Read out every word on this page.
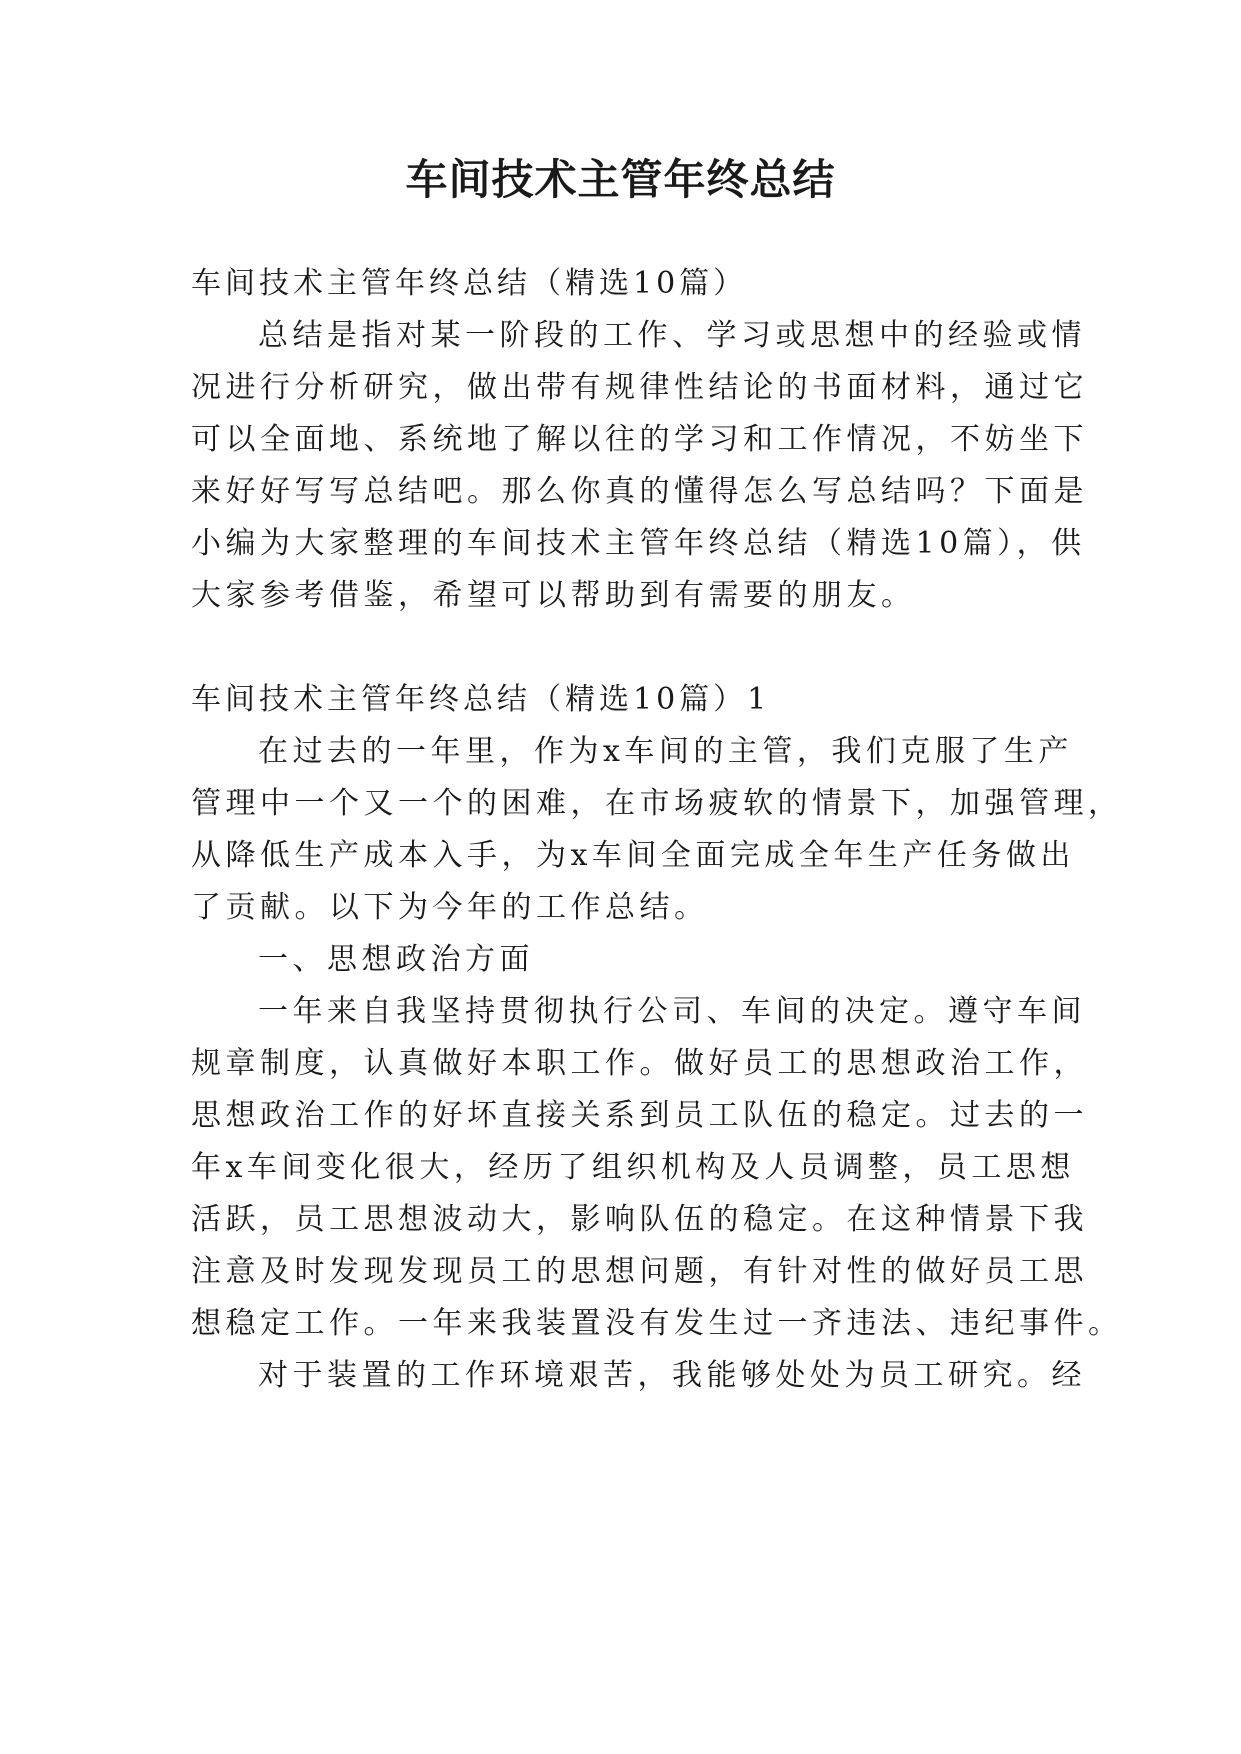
车间技术主管年终总结

车间技术主管年终总结（精选10篇）

总结是指对某一阶段的工作、学习或思想中的经验或情

况进行分析研究，做出带有规律性结论的书面材料，通过它

可以全面地、系统地了解以往的学习和工作情况，不妨坐下

来好好写写总结吧。那么你真的懂得怎么写总结吗？下面是

小编为大家整理的车间技术主管年终总结（精选10篇），供

大家参考借鉴，希望可以帮助到有需要的朋友。

车间技术主管年终总结（精选10篇）1

在过去的一年里，作为x车间的主管，我们克服了生产

管理中一个又一个的困难，在市场疲软的情景下，加强管理，

从降低生产成本入手，为x车间全面完成全年生产任务做出

了贡献。以下为今年的工作总结。

一、思想政治方面

一年来自我坚持贯彻执行公司、车间的决定。遵守车间

规章制度，认真做好本职工作。做好员工的思想政治工作，

思想政治工作的好坏直接关系到员工队伍的稳定。过去的一

年x车间变化很大，经历了组织机构及人员调整，员工思想

活跃，员工思想波动大，影响队伍的稳定。在这种情景下我

注意及时发现发现员工的思想问题，有针对性的做好员工思

想稳定工作。一年来我装置没有发生过一齐违法、违纪事件。

对于装置的工作环境艰苦，我能够处处为员工研究。经
